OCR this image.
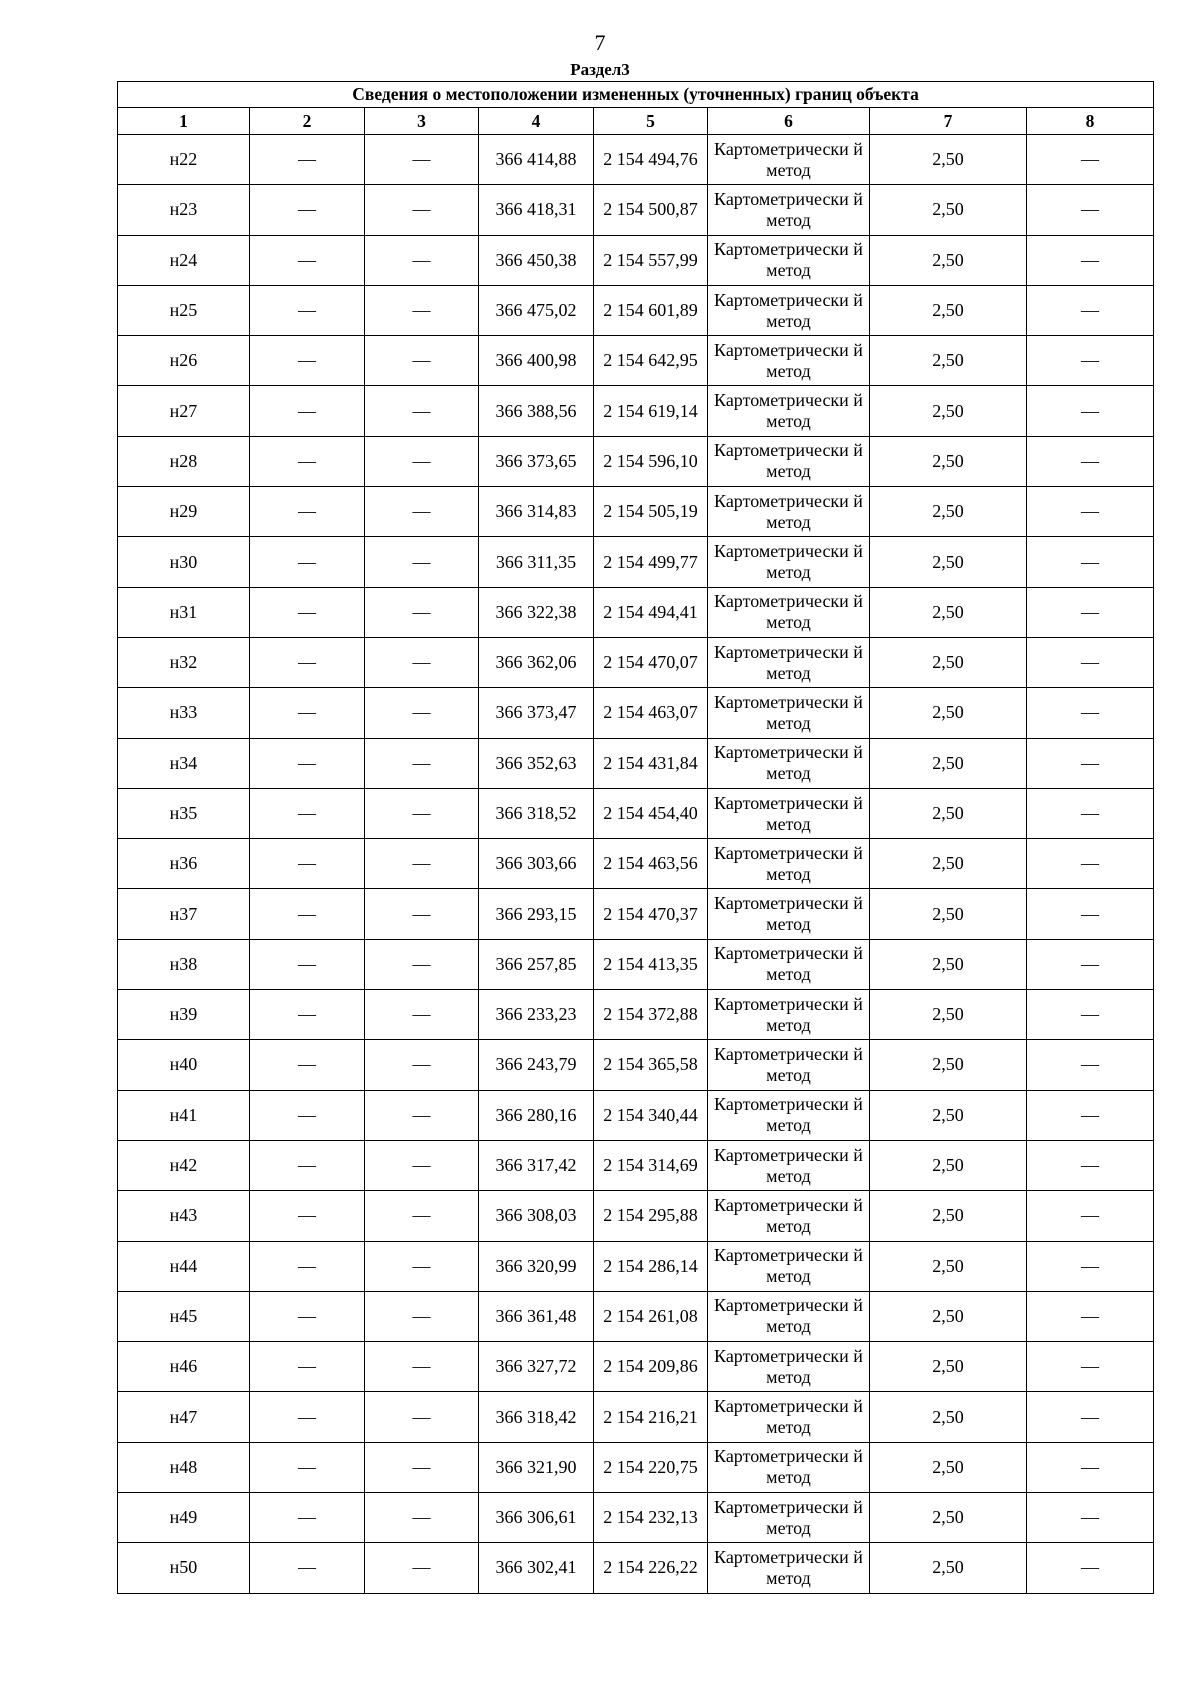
7
Раздел3
Сведения о местоположении измененных (уточненных) границ объекта							
1	2	3	4	5	6	7	8
н22	—	—	366 414,88	2 154 494,76	Картометрически й метод	2,50	—
н23	—	—	366 418,31	2 154 500,87	Картометрически й метод	2,50	—
н24	—	—	366 450,38	2 154 557,99	Картометрически й метод	2,50	—
н25	—	—	366 475,02	2 154 601,89	Картометрически й метод	2,50	—
н26	—	—	366 400,98	2 154 642,95	Картометрически й метод	2,50	—
н27	—	—	366 388,56	2 154 619,14	Картометрически й метод	2,50	—
н28	—	—	366 373,65	2 154 596,10	Картометрически й метод	2,50	—
н29	—	—	366 314,83	2 154 505,19	Картометрически й метод	2,50	—
н30	—	—	366 311,35	2 154 499,77	Картометрически й метод	2,50	—
н31	—	—	366 322,38	2 154 494,41	Картометрически й метод	2,50	—
н32	—	—	366 362,06	2 154 470,07	Картометрически й метод	2,50	—
н33	—	—	366 373,47	2 154 463,07	Картометрически й метод	2,50	—
н34	—	—	366 352,63	2 154 431,84	Картометрически й метод	2,50	—
н35	—	—	366 318,52	2 154 454,40	Картометрически й метод	2,50	—
н36	—	—	366 303,66	2 154 463,56	Картометрически й метод	2,50	—
н37	—	—	366 293,15	2 154 470,37	Картометрически й метод	2,50	—
н38	—	—	366 257,85	2 154 413,35	Картометрически й метод	2,50	—
н39	—	—	366 233,23	2 154 372,88	Картометрически й метод	2,50	—
н40	—	—	366 243,79	2 154 365,58	Картометрически й метод	2,50	—
н41	—	—	366 280,16	2 154 340,44	Картометрически й метод	2,50	—
н42	—	—	366 317,42	2 154 314,69	Картометрически й метод	2,50	—
н43	—	—	366 308,03	2 154 295,88	Картометрически й метод	2,50	—
н44	—	—	366 320,99	2 154 286,14	Картометрически й метод	2,50	—
н45	—	—	366 361,48	2 154 261,08	Картометрически й метод	2,50	—
н46	—	—	366 327,72	2 154 209,86	Картометрически й метод	2,50	—
н47	—	—	366 318,42	2 154 216,21	Картометрически й метод	2,50	—
н48	—	—	366 321,90	2 154 220,75	Картометрически й метод	2,50	—
н49	—	—	366 306,61	2 154 232,13	Картометрически й метод	2,50	—
н50	—	—	366 302,41	2 154 226,22	Картометрически й метод	2,50	—
